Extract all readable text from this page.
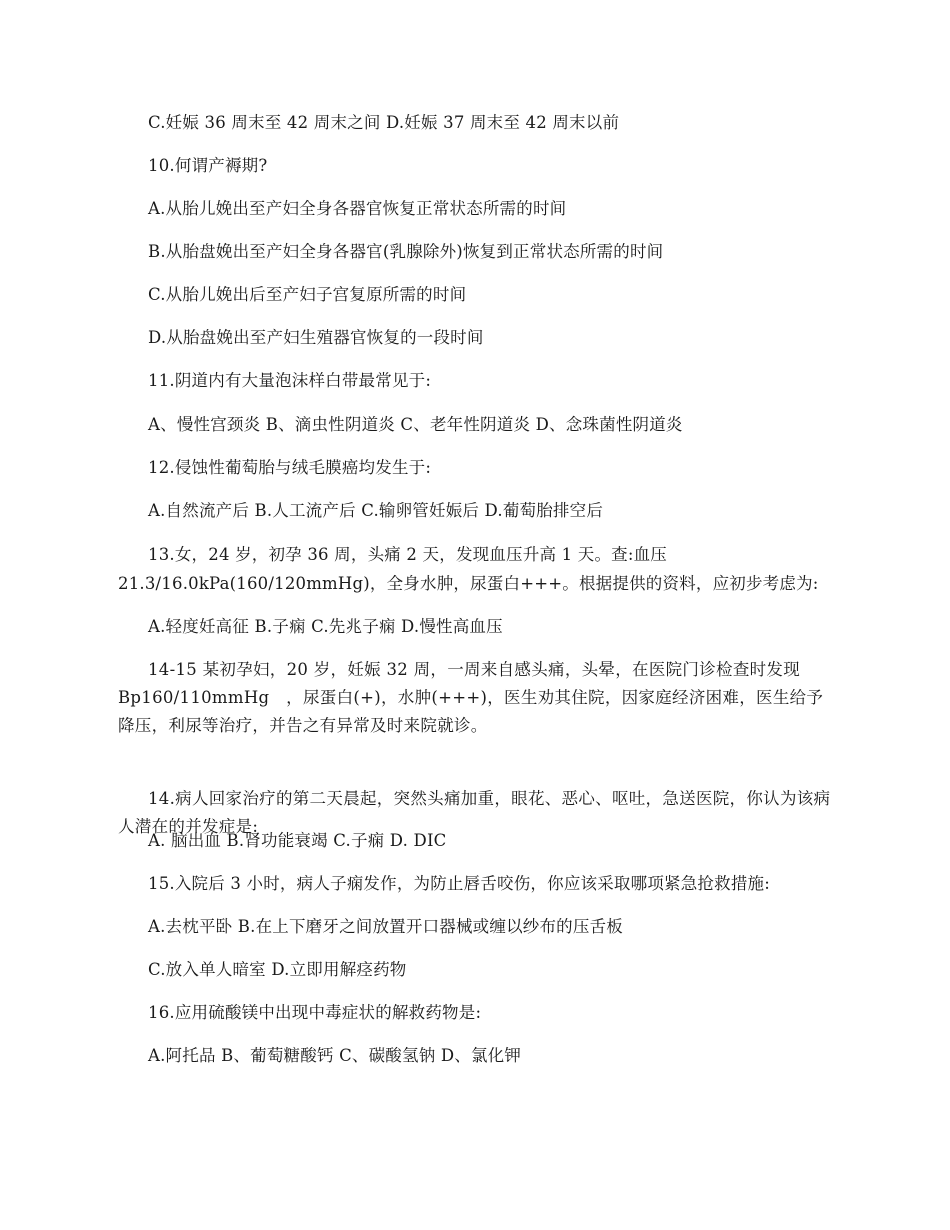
C.妊娠 36 周末至 42 周末之间 D.妊娠 37 周末至 42 周末以前
10.何谓产褥期?
A.从胎儿娩出至产妇全身各器官恢复正常状态所需的时间
B.从胎盘娩出至产妇全身各器官(乳腺除外)恢复到正常状态所需的时间
C.从胎儿娩出后至产妇子宫复原所需的时间
D.从胎盘娩出至产妇生殖器官恢复的一段时间
11.阴道内有大量泡沫样白带最常见于:
A、慢性宫颈炎 B、滴虫性阴道炎 C、老年性阴道炎 D、念珠菌性阴道炎
12.侵蚀性葡萄胎与绒毛膜癌均发生于:
A.自然流产后 B.人工流产后 C.输卵管妊娠后 D.葡萄胎排空后
13.女，24 岁，初孕 36 周，头痛 2 天，发现血压升高 1 天。查:血压
21.3/16.0kPa(160/120mmHg)，全身水肿，尿蛋白+++。根据提供的资料，应初步考虑为:
A.轻度妊高征 B.子痫 C.先兆子痫 D.慢性高血压
14-15 某初孕妇，20 岁，妊娠 32 周，一周来自感头痛，头晕，在医院门诊检查时发现 Bp160/110mmHg　，尿蛋白(+)，水肿(+++)，医生劝其住院，因家庭经济困难，医生给予降压，利尿等治疗，并告之有异常及时来院就诊。
14.病人回家治疗的第二天晨起，突然头痛加重，眼花、恶心、呕吐，急送医院，你认为该病人潜在的并发症是:
A. 脑出血 B.肾功能衰竭 C.子痫 D. DIC
15.入院后 3 小时，病人子痫发作，为防止唇舌咬伤，你应该采取哪项紧急抢救措施:
A.去枕平卧 B.在上下磨牙之间放置开口器械或缠以纱布的压舌板
C.放入单人暗室 D.立即用解痉药物
16.应用硫酸镁中出现中毒症状的解救药物是:
A.阿托品 B、葡萄糖酸钙 C、碳酸氢钠 D、氯化钾
